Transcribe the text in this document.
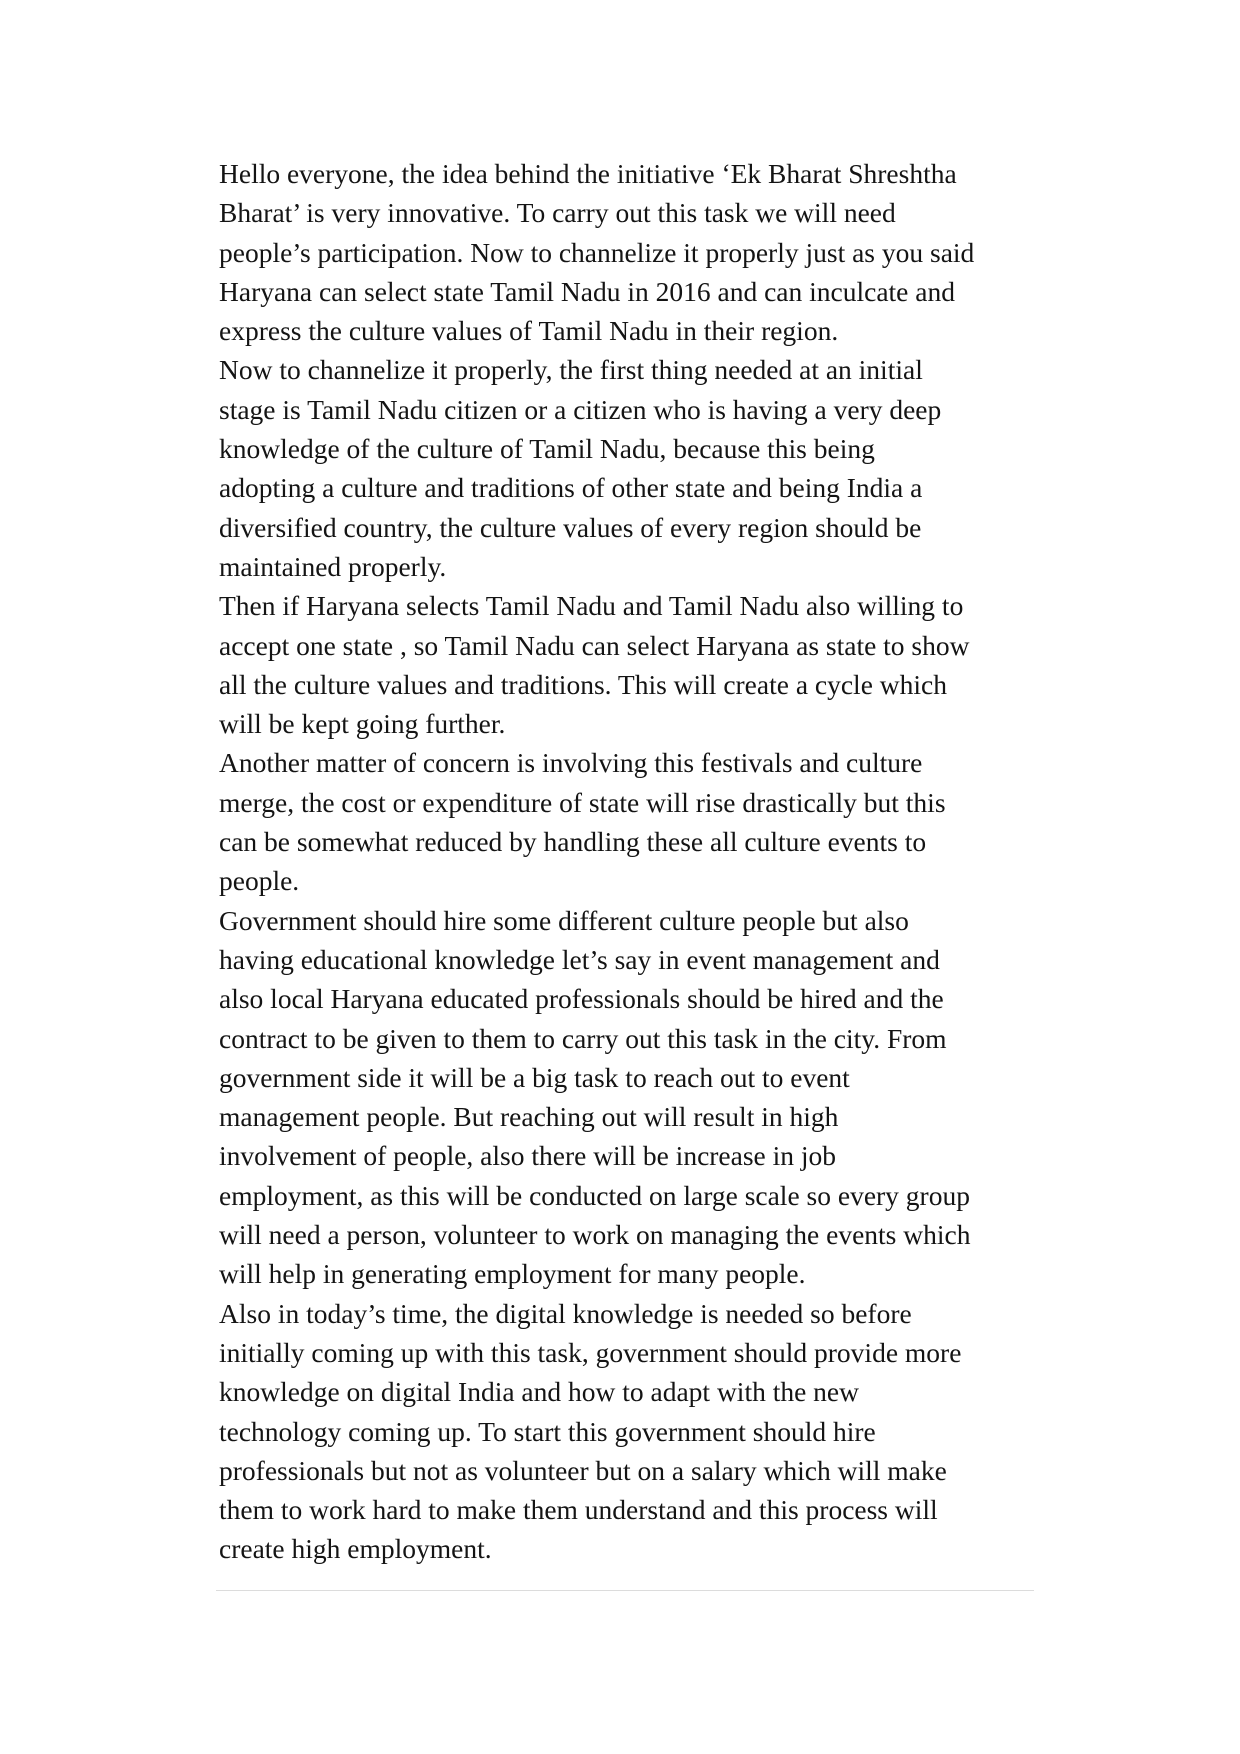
Hello everyone, the idea behind the initiative ‘Ek Bharat Shreshtha
Bharat’ is very innovative. To carry out this task we will need
people’s participation. Now to channelize it properly just as you said
Haryana can select state Tamil Nadu in 2016 and can inculcate and
express the culture values of Tamil Nadu in their region.
Now to channelize it properly, the first thing needed at an initial
stage is Tamil Nadu citizen or a citizen who is having a very deep
knowledge of the culture of Tamil Nadu, because this being
adopting a culture and traditions of other state and being India a
diversified country, the culture values of every region should be
maintained properly.
Then if Haryana selects Tamil Nadu and Tamil Nadu also willing to
accept one state , so Tamil Nadu can select Haryana as state to show
all the culture values and traditions. This will create a cycle which
will be kept going further.
Another matter of concern is involving this festivals and culture
merge, the cost or expenditure of state will rise drastically but this
can be somewhat reduced by handling these all culture events to
people.
Government should hire some different culture people but also
having educational knowledge let’s say in event management and
also local Haryana educated professionals should be hired and the
contract to be given to them to carry out this task in the city. From
government side it will be a big task to reach out to event
management people. But reaching out will result in high
involvement of people, also there will be increase in job
employment, as this will be conducted on large scale so every group
will need a person, volunteer to work on managing the events which
will help in generating employment for many people.
Also in today’s time, the digital knowledge is needed so before
initially coming up with this task, government should provide more
knowledge on digital India and how to adapt with the new
technology coming up. To start this government should hire
professionals but not as volunteer but on a salary which will make
them to work hard to make them understand and this process will
create high employment.
